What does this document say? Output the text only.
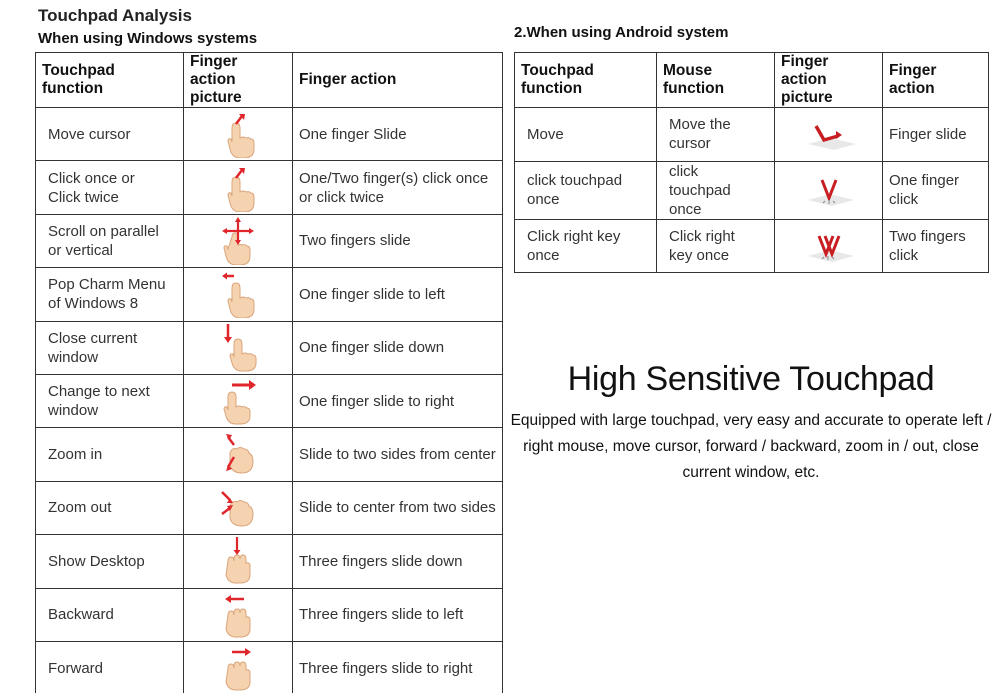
Touchpad Analysis
When using Windows systems	2.When using Android system
Touchpad function	Finger action picture	Finger action
Move cursor		One finger Slide
Click once or Click twice		One/Two finger(s) click once or click twice
Scroll on parallel or vertical		Two fingers slide
Pop Charm Menu of Windows 8		One finger slide to left
Close current window		One finger slide down
Change to next window		One finger slide to right
Zoom in		Slide to two sides from center
Zoom out		Slide to center from two sides
Show Desktop		Three fingers slide down
Backward		Three fingers slide to left
Forward		Three fingers slide to right
Touchpad function	Mouse function	Finger action picture	Finger action
Move	Move the cursor		Finger slide
click touchpad once	click touchpad once		One finger click
Click right key once	Click right key once		Two fingers click
High Sensitive Touchpad
Equipped with large touchpad, very easy and accurate to operate left / right mouse, move cursor, forward / backward, zoom in / out, close current window, etc.
